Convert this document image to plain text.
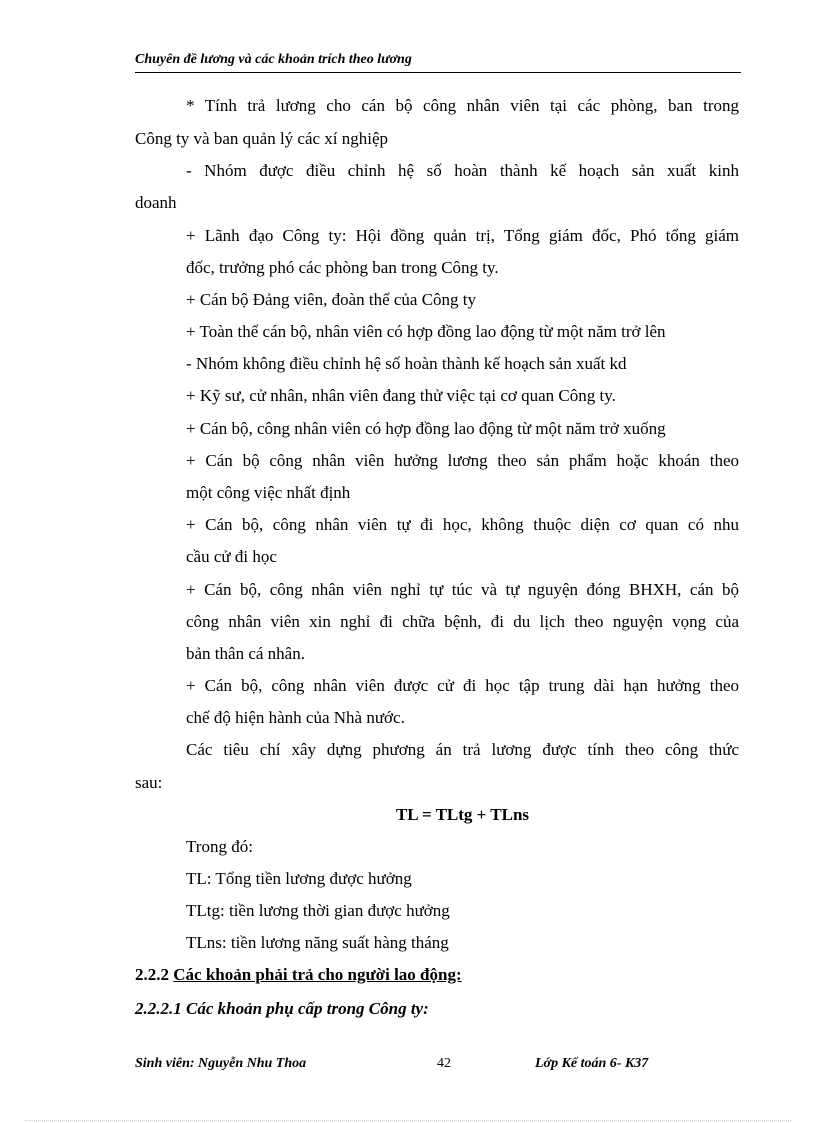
Chuyên đề lương và các khoản trích theo lương
* Tính trả lương cho cán bộ công nhân viên tại các phòng, ban trong
Công ty và ban quản lý các xí nghiệp
- Nhóm được điều chỉnh hệ số hoàn thành kế hoạch sản xuất kinh
doanh
+ Lãnh đạo Công ty: Hội đồng quản trị, Tổng giám đốc, Phó tổng giám
đốc, trưởng phó các phòng ban trong Công ty.
+ Cán bộ Đảng viên, đoàn thể của Công ty
+ Toàn thể cán bộ, nhân viên có hợp đồng lao động từ một năm trở lên
- Nhóm không điều chỉnh hệ số hoàn thành kế hoạch sản xuất kd
+ Kỹ sư, cử nhân, nhân viên đang thử việc tại cơ quan Công ty.
+ Cán bộ, công nhân viên có hợp đồng lao động từ một năm trở xuống
+ Cán bộ công nhân viên hưởng lương theo sản phẩm hoặc khoán theo
một công việc nhất định
+ Cán bộ, công nhân viên tự đi học, không thuộc diện cơ quan có nhu
cầu cử đi học
+ Cán bộ, công nhân viên nghỉ tự túc và tự nguyện đóng BHXH, cán bộ
công nhân viên xin nghỉ đi chữa bệnh, đi du lịch theo nguyện vọng của
bản thân cá nhân.
+ Cán bộ, công nhân viên được cử đi học tập trung dài hạn hưởng theo
chế độ hiện hành của Nhà nước.
Các tiêu chí xây dựng phương án trả lương được tính theo công thức
sau:
TL = TLtg + TLns
Trong đó:
TL: Tổng tiền lương được hưởng
TLtg: tiền lương thời gian được hưởng
TLns: tiền lương năng suất hàng tháng
2.2.2 Các khoản phải trả cho người lao động:
2.2.2.1 Các khoản phụ cấp trong Công ty:
Sinh viên: Nguyễn Nhu Thoa	42	Lớp Kế toán 6- K37
